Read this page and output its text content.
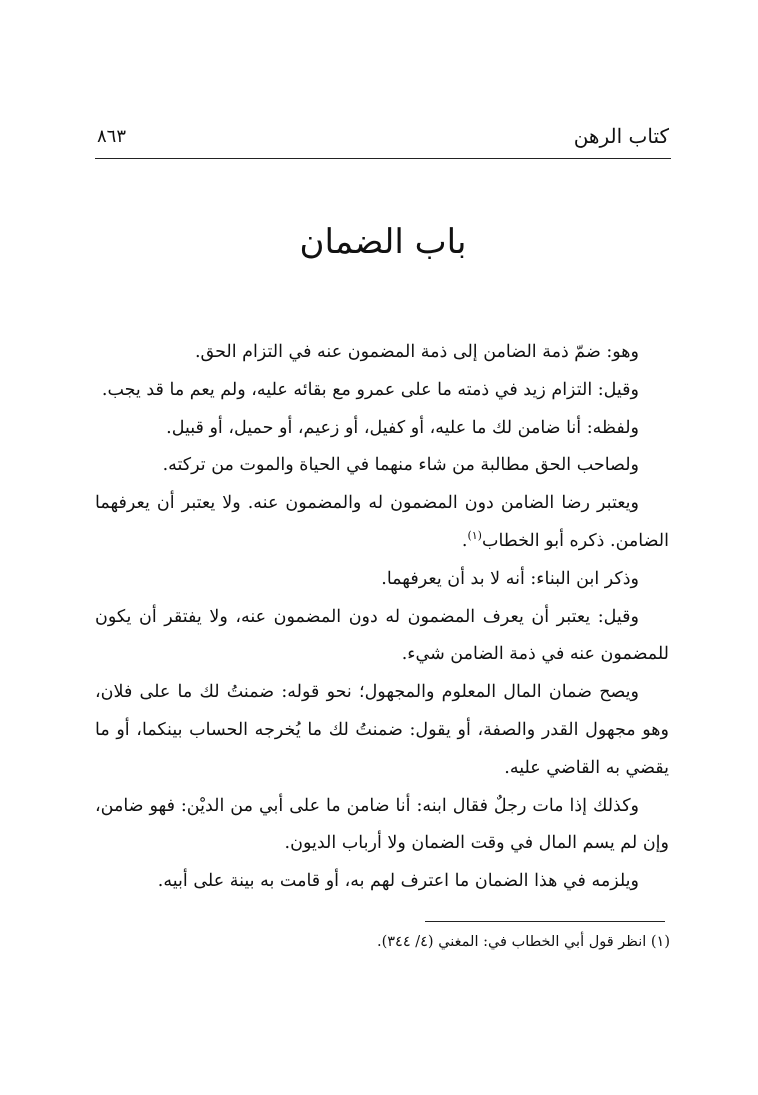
كتاب الرهن
٨٦٣
باب الضمان

وهو: ضمّ ذمة الضامن إلى ذمة المضمون عنه في التزام الحق.

وقيل: التزام زيد في ذمته ما على عمرو مع بقائه عليه، ولم يعم ما قد يجب.

ولفظه: أنا ضامن لك ما عليه، أو كفيل، أو زعيم، أو حميل، أو قبيل.

ولصاحب الحق مطالبة من شاء منهما في الحياة والموت من تركته.

ويعتبر رضا الضامن دون المضمون له والمضمون عنه. ولا يعتبر أن يعرفهما الضامن. ذكره أبو الخطاب$^{(١)}$.

وذكر ابن البناء: أنه لا بد أن يعرفهما.

وقيل: يعتبر أن يعرف المضمون له دون المضمون عنه، ولا يفتقر أن يكون للمضمون عنه في ذمة الضامن شيء.

ويصح ضمان المال المعلوم والمجهول؛ نحو قوله: ضمنتُ لك ما على فلان، وهو مجهول القدر والصفة، أو يقول: ضمنتُ لك ما يُخرجه الحساب بينكما، أو ما يقضي به القاضي عليه.

وكذلك إذا مات رجلٌ فقال ابنه: أنا ضامن ما على أبي من الديْن: فهو ضامن، وإن لم يسم المال في وقت الضمان ولا أرباب الديون.

ويلزمه في هذا الضمان ما اعترف لهم به، أو قامت به بينة على أبيه.

(١) انظر قول أبي الخطاب في: المغني (٤/ ٣٤٤).
